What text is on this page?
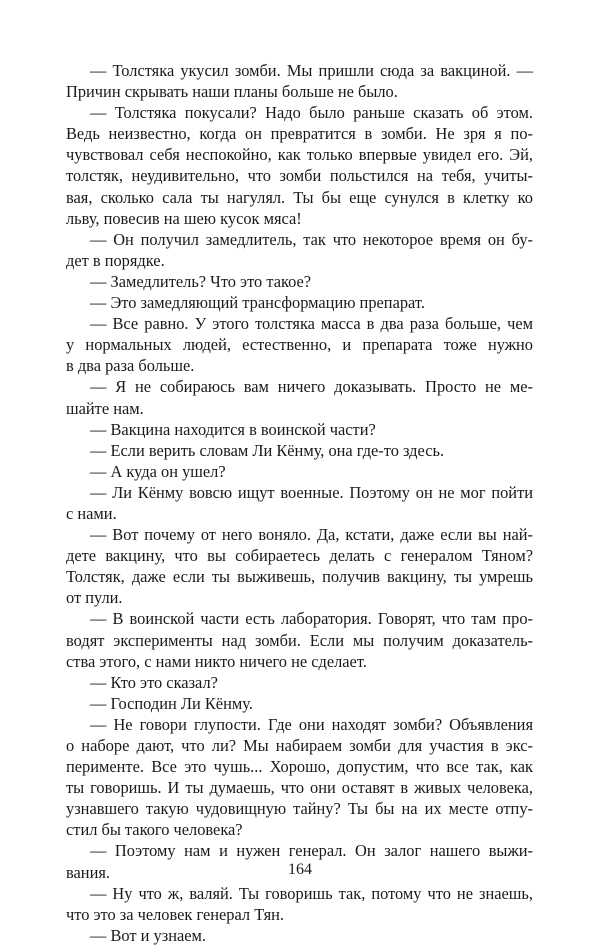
— Толстяка укусил зомби. Мы пришли сюда за вакциной. —
Причин скрывать наши планы больше не было.
— Толстяка покусали? Надо было раньше сказать об этом.
Ведь неизвестно, когда он превратится в зомби. Не зря я по-
чувствовал себя неспокойно, как только впервые увидел его. Эй,
толстяк, неудивительно, что зомби польстился на тебя, учиты-
вая, сколько сала ты нагулял. Ты бы еще сунулся в клетку ко
льву, повесив на шею кусок мяса!
— Он получил замедлитель, так что некоторое время он бу-
дет в порядке.
— Замедлитель? Что это такое?
— Это замедляющий трансформацию препарат.
— Все равно. У этого толстяка масса в два раза больше, чем
у нормальных людей, естественно, и препарата тоже нужно
в два раза больше.
— Я не собираюсь вам ничего доказывать. Просто не ме-
шайте нам.
— Вакцина находится в воинской части?
— Если верить словам Ли Кёнму, она где-то здесь.
— А куда он ушел?
— Ли Кёнму вовсю ищут военные. Поэтому он не мог пойти
с нами.
— Вот почему от него воняло. Да, кстати, даже если вы най-
дете вакцину, что вы собираетесь делать с генералом Тяном?
Толстяк, даже если ты выживешь, получив вакцину, ты умрешь
от пули.
— В воинской части есть лаборатория. Говорят, что там про-
водят эксперименты над зомби. Если мы получим доказатель-
ства этого, с нами никто ничего не сделает.
— Кто это сказал?
— Господин Ли Кёнму.
— Не говори глупости. Где они находят зомби? Объявления
о наборе дают, что ли? Мы набираем зомби для участия в экс-
перименте. Все это чушь... Хорошо, допустим, что все так, как
ты говоришь. И ты думаешь, что они оставят в живых человека,
узнавшего такую чудовищную тайну? Ты бы на их месте отпу-
стил бы такого человека?
— Поэтому нам и нужен генерал. Он залог нашего выжи-
вания.
— Ну что ж, валяй. Ты говоришь так, потому что не знаешь,
что это за человек генерал Тян.
— Вот и узнаем.
164
